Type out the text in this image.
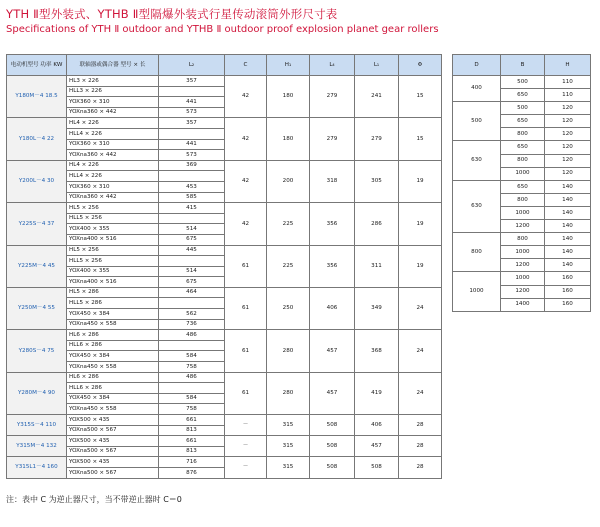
YTH Ⅱ型外装式、YTHB Ⅱ型隔爆外装式行星传动滚筒外形尺寸表
Specifications of YTH Ⅱ outdoor and YTHB Ⅱ outdoor proof explosion planet gear rollers
电动机型号 功率 KW	联轴器或偶合器 型号 × 长	L₂	C	H₁	L₄	L₁	Φ
Y180M－4 18.5	HL3 × 226	357	42	180	279	241	15
	HLL3 × 226						
	YOX360 × 310	441					
	YOXna360 × 442	573					
Y180L－4 22	HL4 × 226	357	42	180	279	279	15
	HLL4 × 226						
	YOX360 × 310	441					
	YOXna360 × 442	573					
Y200L－4 30	HL4 × 226	369	42	200	318	305	19
	HLL4 × 226						
	YOX360 × 310	453					
	YOXna360 × 442	585					
Y225S－4 37	HL5 × 256	415	42	225	356	286	19
	HLL5 × 256						
	YOX400 × 355	514					
	YOXna400 × 516	675					
Y225M－4 45	HL5 × 256	445	61	225	356	311	19
	HLL5 × 256						
	YOX400 × 355	514					
	YOXna400 × 516	675					
Y250M－4 55	HL5 × 286	464	61	250	406	349	24
	HLL5 × 286						
	YOX450 × 384	562					
	YOXna450 × 558	736					
Y280S－4 75	HL6 × 286	486	61	280	457	368	24
	HLL6 × 286						
	YOX450 × 384	584					
	YOXna450 × 558	758					
Y280M－4 90	HL6 × 286	486	61	280	457	419	24
	HLL6 × 286						
	YOX450 × 384	584					
	YOXna450 × 558	758					
Y315S－4 110	YOX500 × 435	661	－	315	508	406	28
	YOXna500 × 567	813					
Y315M－4 132	YOX500 × 435	661	－	315	508	457	28
	YOXna500 × 567	813					
Y315L1－4 160	YOX500 × 435	716	－	315	508	508	28
	YOXna500 × 567	876					
D	B	H
400	500	110
	650	110
500	500	120
	650	120
	800	120
630	650	120
	800	120
	1000	120
630	650	140
	800	140
	1000	140
	1200	140
800	800	140
	1000	140
	1200	140
1000	1000	160
	1200	160
	1400	160
注：表中 C 为逆止器尺寸，当不带逆止器时 C＝0
